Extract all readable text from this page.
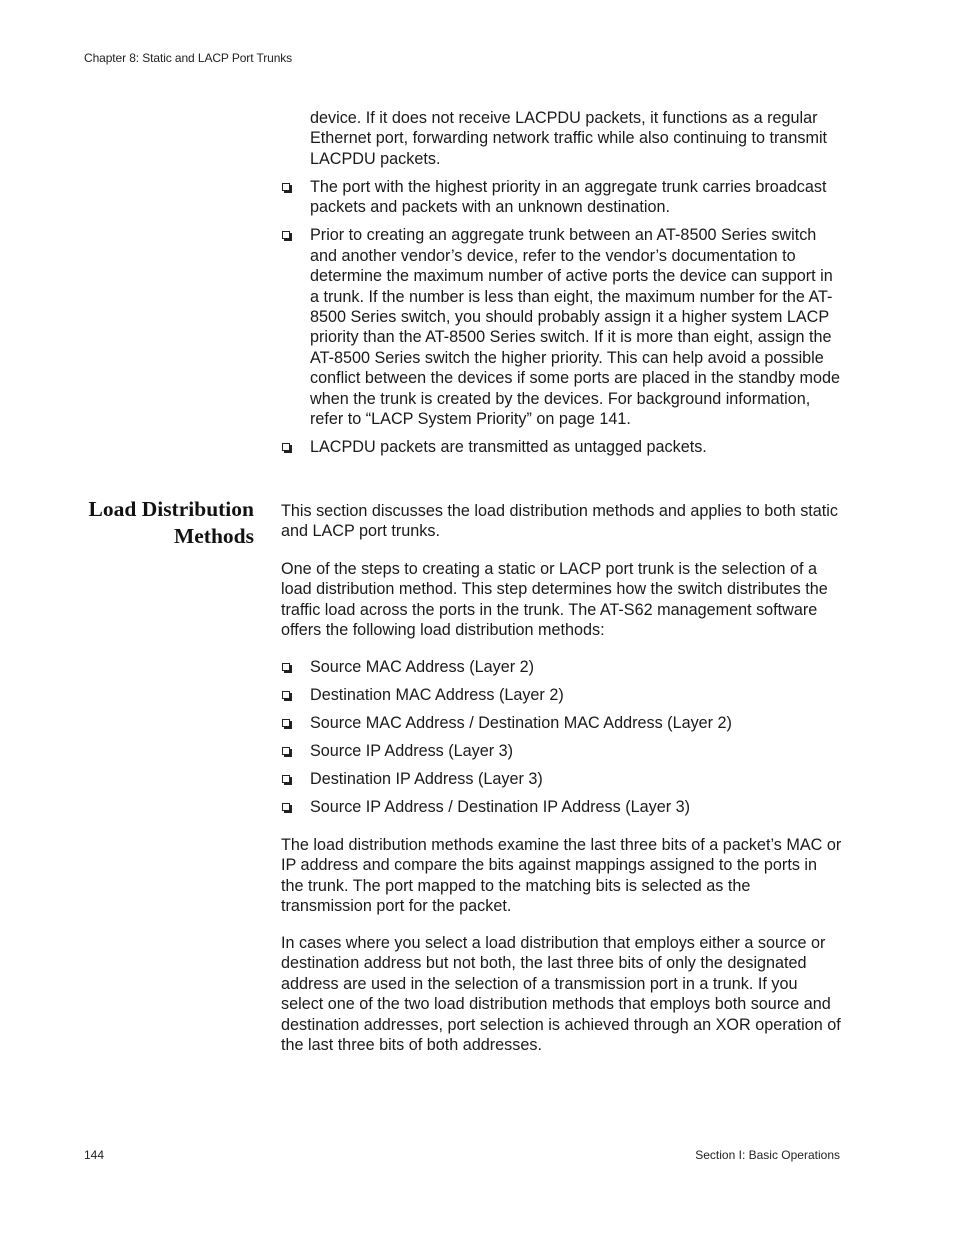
Chapter 8: Static and LACP Port Trunks

device. If it does not receive LACPDU packets, it functions as a regular Ethernet port, forwarding network traffic while also continuing to transmit LACPDU packets.

The port with the highest priority in an aggregate trunk carries broadcast packets and packets with an unknown destination.
Prior to creating an aggregate trunk between an AT-8500 Series switch and another vendor’s device, refer to the vendor’s documentation to determine the maximum number of active ports the device can support in a trunk. If the number is less than eight, the maximum number for the AT-8500 Series switch, you should probably assign it a higher system LACP priority than the AT-8500 Series switch. If it is more than eight, assign the AT-8500 Series switch the higher priority. This can help avoid a possible conflict between the devices if some ports are placed in the standby mode when the trunk is created by the devices. For background information, refer to “LACP System Priority” on page 141.
LACPDU packets are transmitted as untagged packets.
Load Distribution
Methods

This section discusses the load distribution methods and applies to both static and LACP port trunks.

One of the steps to creating a static or LACP port trunk is the selection of a load distribution method. This step determines how the switch distributes the traffic load across the ports in the trunk. The AT-S62 management software offers the following load distribution methods:

Source MAC Address (Layer 2)
Destination MAC Address (Layer 2)
Source MAC Address / Destination MAC Address (Layer 2)
Source IP Address (Layer 3)
Destination IP Address (Layer 3)
Source IP Address / Destination IP Address (Layer 3)

The load distribution methods examine the last three bits of a packet’s MAC or IP address and compare the bits against mappings assigned to the ports in the trunk. The port mapped to the matching bits is selected as the transmission port for the packet.

In cases where you select a load distribution that employs either a source or destination address but not both, the last three bits of only the designated address are used in the selection of a transmission port in a trunk. If you select one of the two load distribution methods that employs both source and destination addresses, port selection is achieved through an XOR operation of the last three bits of both addresses.

144	Section I: Basic Operations
